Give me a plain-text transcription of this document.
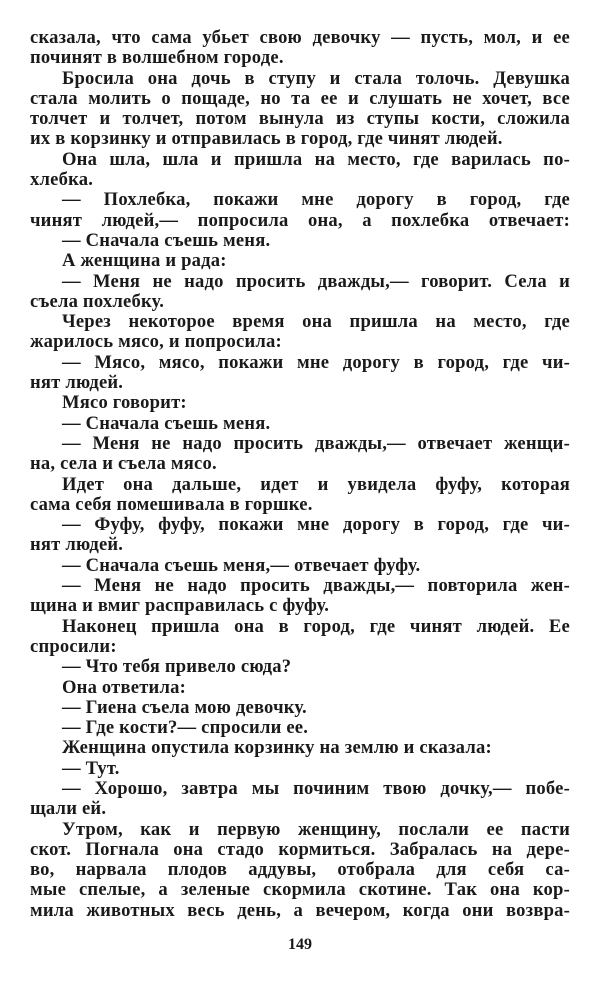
сказала, что сама убьет свою девочку — пусть, мол, и ее
починят в волшебном городе.
Бросила она дочь в ступу и стала толочь. Девушка
стала молить о пощаде, но та ее и слушать не хочет, все
толчет и толчет, потом вынула из ступы кости, сложила
их в корзинку и отправилась в город, где чинят людей.
Она шла, шла и пришла на место, где варилась по-
хлебка.
— Похлебка, покажи мне дорогу в город, где
чинят людей,— попросила она, а похлебка отвечает:
— Сначала съешь меня.
А женщина и рада:
— Меня не надо просить дважды,— говорит. Села и
съела похлебку.
Через некоторое время она пришла на место, где
жарилось мясо, и попросила:
— Мясо, мясо, покажи мне дорогу в город, где чи-
нят людей.
Мясо говорит:
— Сначала съешь меня.
— Меня не надо просить дважды,— отвечает женщи-
на, села и съела мясо.
Идет она дальше, идет и увидела фуфу, которая
сама себя помешивала в горшке.
— Фуфу, фуфу, покажи мне дорогу в город, где чи-
нят людей.
— Сначала съешь меня,— отвечает фуфу.
— Меня не надо просить дважды,— повторила жен-
щина и вмиг расправилась с фуфу.
Наконец пришла она в город, где чинят людей. Ее
спросили:
— Что тебя привело сюда?
Она ответила:
— Гиена съела мою девочку.
— Где кости?— спросили ее.
Женщина опустила корзинку на землю и сказала:
— Тут.
— Хорошо, завтра мы починим твою дочку,— побе-
щали ей.
Утром, как и первую женщину, послали ее пасти
скот. Погнала она стадо кормиться. Забралась на дере-
во, нарвала плодов аддувы, отобрала для себя са-
мые спелые, а зеленые скормила скотине. Так она кор-
мила животных весь день, а вечером, когда они возвра-
149
